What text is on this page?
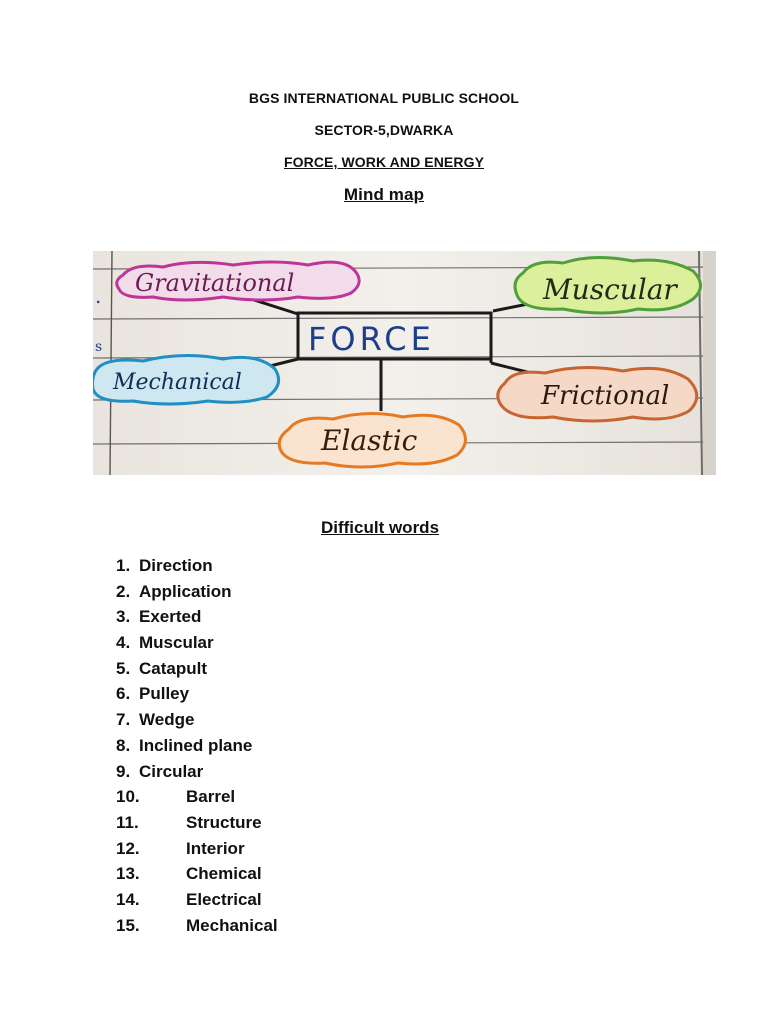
BGS INTERNATIONAL PUBLIC SCHOOL
SECTOR-5,DWARKA
FORCE, WORK AND ENERGY
Mind map
.
s
Gravitational	Muscular
FORCE
Mechanical	Frictional
Elastic
Difficult words
1. Direction
2. Application
3. Exerted
4. Muscular
5. Catapult
6. Pulley
7. Wedge
8. Inclined plane
9. Circular
10.	Barrel
11.	Structure
12.	Interior
13.	Chemical
14.	Electrical
15.	Mechanical
